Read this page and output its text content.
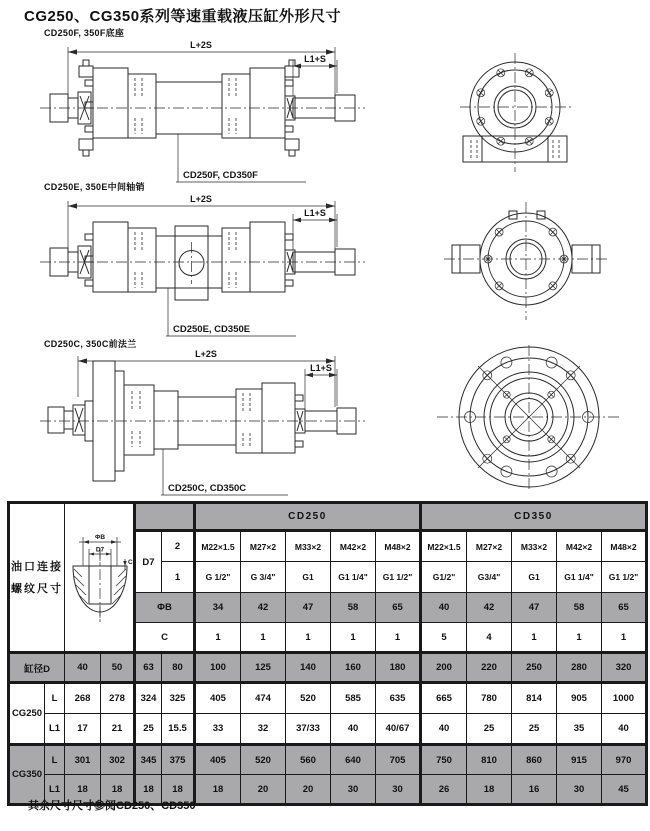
CG250、CG350系列等速重载液压缸外形尺寸
CD250F, 350F底座
L+2S
L1+S
CD250F, CD350F
CD250E, 350E中间轴销
L+2S
L1+S
CD250E, CD350E
CD250C, 350C前法兰
L+2S
L1+S
CD250C, CD350C
油口连接
螺纹尺寸		ΦB
D7
C				CD250					CD350				
				D7	2	M22×1.5	M27×2	M33×2	M42×2	M48×2	M22×1.5	M27×2	M33×2	M42×2	M48×2
					1	G 1/2"	G 3/4"	G1	G1 1/4"	G1 1/2"	G1/2"	G3/4"	G1	G1 1/4"	G1 1/2"
				ΦB		34	42	47	58	65	40	42	47	58	65
				C		1	1	1	1	1	5	4	1	1	1
缸径D		40	50	63	80	100	125	140	160	180	200	220	250	280	320
CG250	L	268	278	324	325	405	474	520	585	635	665	780	814	905	1000
	L1	17	21	25	15.5	33	32	37/33	40	40/67	40	25	25	35	40
CG350	L	301	302	345	375	405	520	560	640	705	750	810	860	915	970
	L1	18	18	18	18	18	20	20	30	30	26	18	16	30	45
其余尺寸尺寸参阅CD250、CD350
